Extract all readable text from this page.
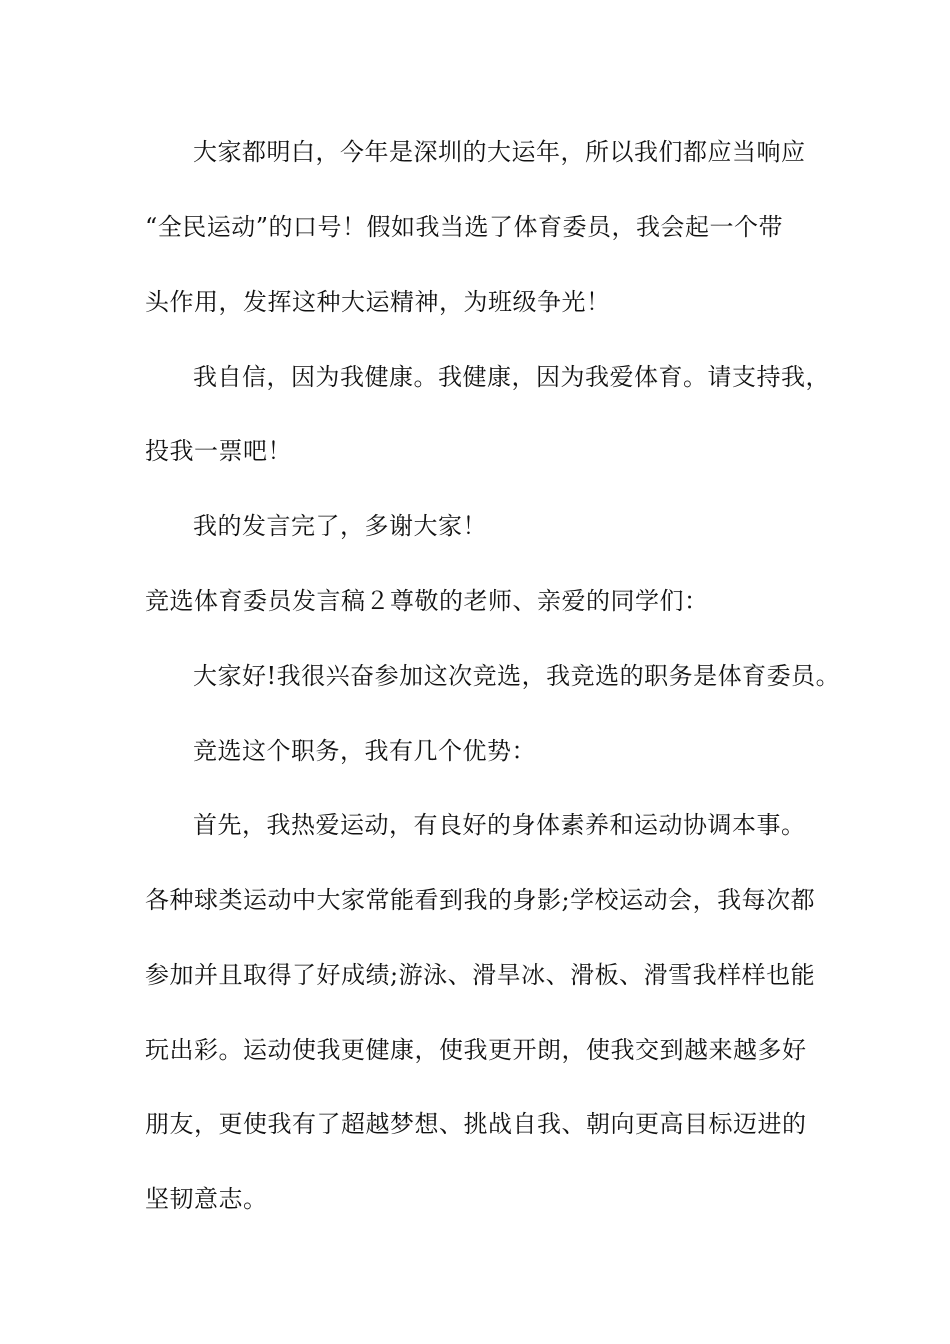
大家都明白，今年是深圳的大运年，所以我们都应当响应
“全民运动”的口号！假如我当选了体育委员，我会起一个带
头作用，发挥这种大运精神，为班级争光！
我自信，因为我健康。我健康，因为我爱体育。请支持我，
投我一票吧！
我的发言完了，多谢大家！
竞选体育委员发言稿２尊敬的老师、亲爱的同学们：
大家好!我很兴奋参加这次竞选，我竞选的职务是体育委员。
竞选这个职务，我有几个优势：
首先，我热爱运动，有良好的身体素养和运动协调本事。
各种球类运动中大家常能看到我的身影;学校运动会，我每次都
参加并且取得了好成绩;游泳、滑旱冰、滑板、滑雪我样样也能
玩出彩。运动使我更健康，使我更开朗，使我交到越来越多好
朋友，更使我有了超越梦想、挑战自我、朝向更高目标迈进的
坚韧意志。
